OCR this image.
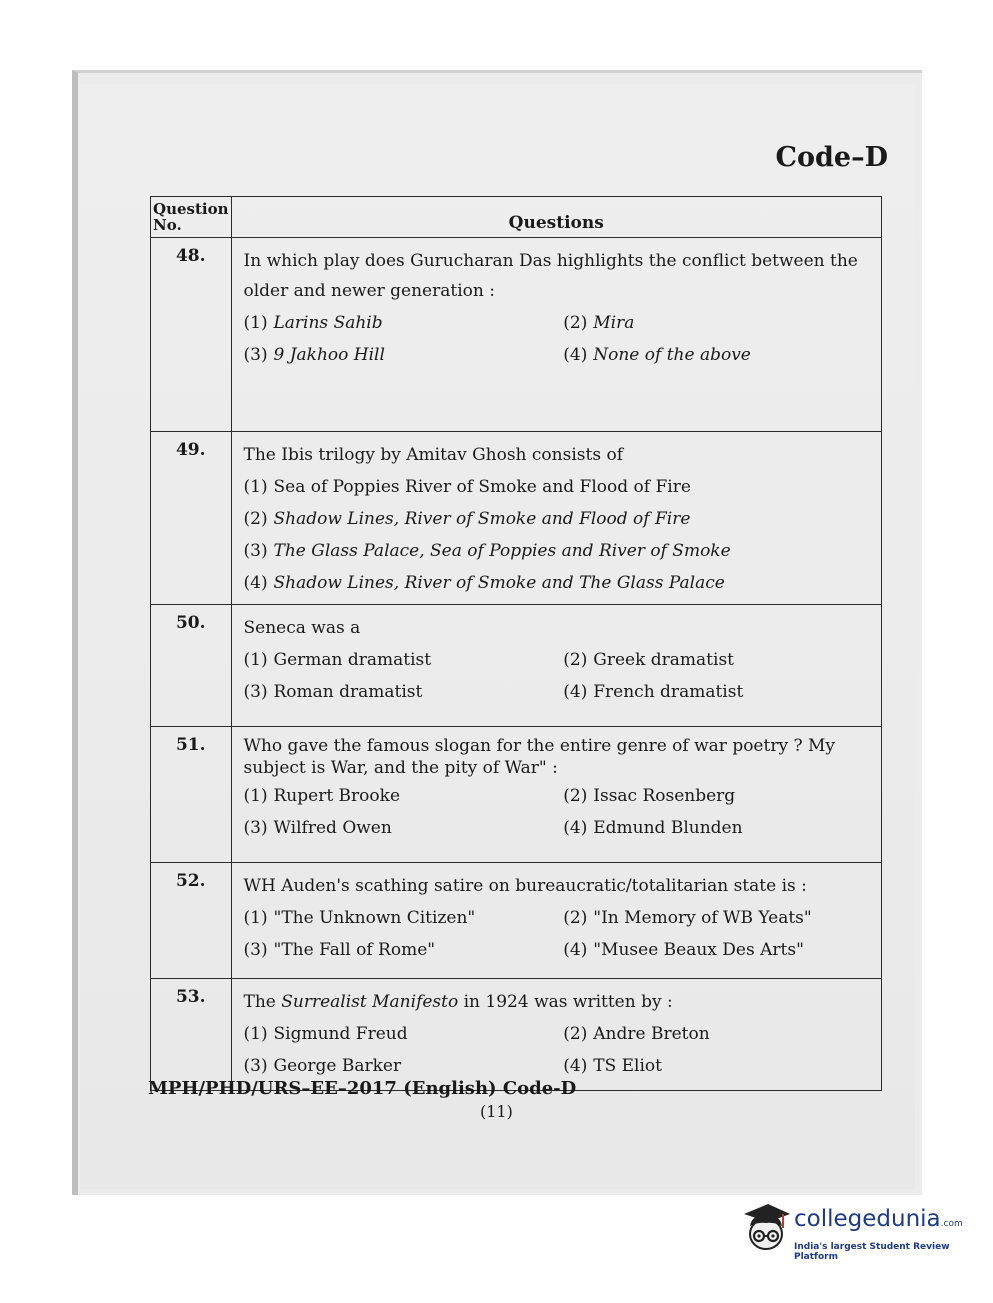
Code–D
Question No.	Questions
48.	In which play does Gurucharan Das highlights the conflict between the older and newer generation :
(1) Larins Sahib (2) Mira
(3) 9 Jakhoo Hill (4) None of the above

49.	The Ibis trilogy by Amitav Ghosh consists of
(1) Sea of Poppies River of Smoke and Flood of Fire
(2) Shadow Lines, River of Smoke and Flood of Fire
(3) The Glass Palace, Sea of Poppies and River of Smoke
(4) Shadow Lines, River of Smoke and The Glass Palace

50.	Seneca was a
(1) German dramatist (2) Greek dramatist
(3) Roman dramatist (4) French dramatist

51.	Who gave the famous slogan for the entire genre of war poetry ? My subject is War, and the pity of War" :
(1) Rupert Brooke (2) Issac Rosenberg
(3) Wilfred Owen (4) Edmund Blunden

52.	WH Auden's scathing satire on bureaucratic/totalitarian state is :
(1) "The Unknown Citizen" (2) "In Memory of WB Yeats"
(3) "The Fall of Rome" (4) "Musee Beaux Des Arts"

53.	The Surrealist Manifesto in 1924 was written by :
(1) Sigmund Freud (2) Andre Breton
(3) George Barker (4) TS Eliot
MPH/PHD/URS–EE–2017 (English) Code-D
(11)
collegedunia.com
India's largest Student Review Platform
